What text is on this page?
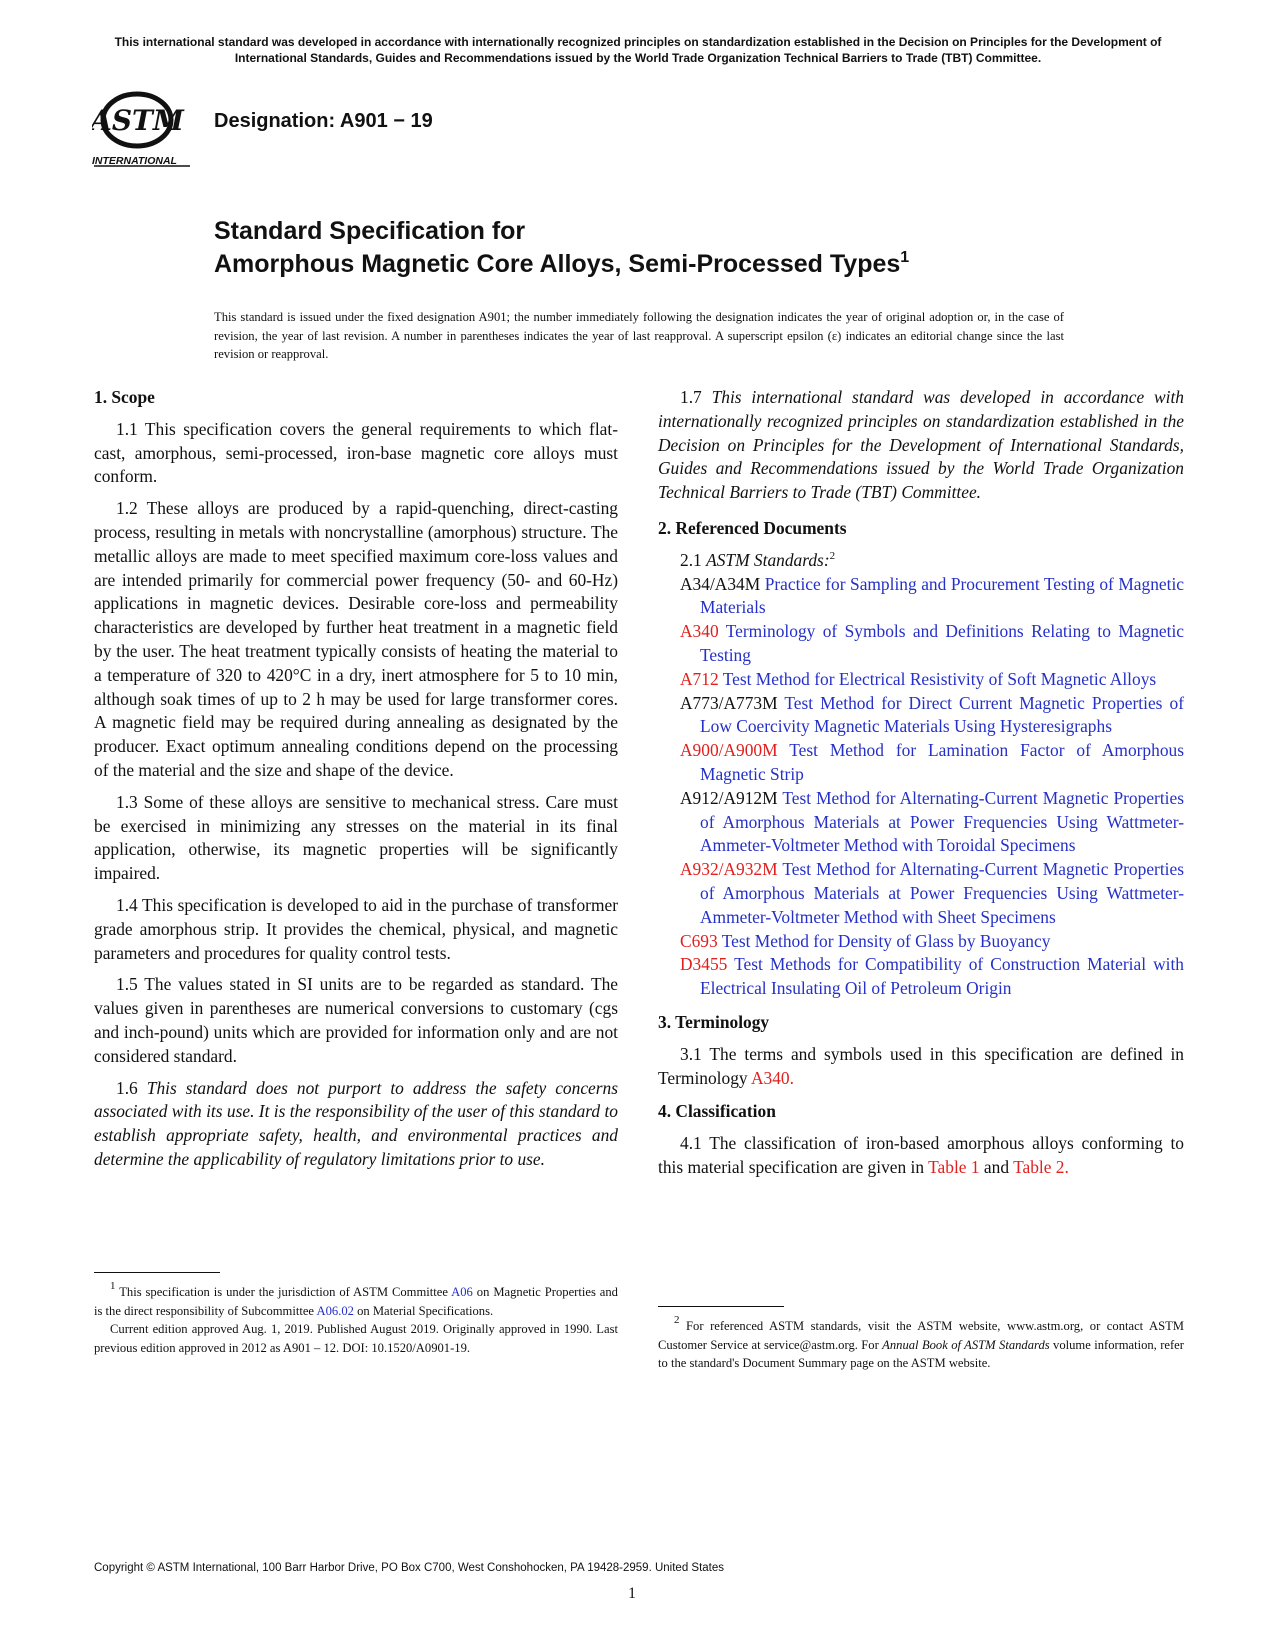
This international standard was developed in accordance with internationally recognized principles on standardization established in the Decision on Principles for the Development of International Standards, Guides and Recommendations issued by the World Trade Organization Technical Barriers to Trade (TBT) Committee.
ASTM
INTERNATIONAL
Designation: A901 − 19
Standard Specification for
Amorphous Magnetic Core Alloys, Semi-Processed Types$^1$
This standard is issued under the fixed designation A901; the number immediately following the designation indicates the year of original adoption or, in the case of revision, the year of last revision. A number in parentheses indicates the year of last reapproval. A superscript epsilon (ε) indicates an editorial change since the last revision or reapproval.
1. Scope

1.1 This specification covers the general requirements to which flat-cast, amorphous, semi-processed, iron-base magnetic core alloys must conform.

1.2 These alloys are produced by a rapid-quenching, direct-casting process, resulting in metals with noncrystalline (amorphous) structure. The metallic alloys are made to meet specified maximum core-loss values and are intended primarily for commercial power frequency (50- and 60-Hz) applications in magnetic devices. Desirable core-loss and permeability characteristics are developed by further heat treatment in a magnetic field by the user. The heat treatment typically consists of heating the material to a temperature of 320 to 420°C in a dry, inert atmosphere for 5 to 10 min, although soak times of up to 2 h may be used for large transformer cores. A magnetic field may be required during annealing as designated by the producer. Exact optimum annealing conditions depend on the processing of the material and the size and shape of the device.

1.3 Some of these alloys are sensitive to mechanical stress. Care must be exercised in minimizing any stresses on the material in its final application, otherwise, its magnetic properties will be significantly impaired.

1.4 This specification is developed to aid in the purchase of transformer grade amorphous strip. It provides the chemical, physical, and magnetic parameters and procedures for quality control tests.

1.5 The values stated in SI units are to be regarded as standard. The values given in parentheses are numerical conversions to customary (cgs and inch-pound) units which are provided for information only and are not considered standard.

1.6 This standard does not purport to address the safety concerns associated with its use. It is the responsibility of the user of this standard to establish appropriate safety, health, and environmental practices and determine the applicability of regulatory limitations prior to use.

$^1$ This specification is under the jurisdiction of ASTM Committee A06 on Magnetic Properties and is the direct responsibility of Subcommittee A06.02 on Material Specifications.

Current edition approved Aug. 1, 2019. Published August 2019. Originally approved in 1990. Last previous edition approved in 2012 as A901 – 12. DOI: 10.1520/A0901-19.

1.7 This international standard was developed in accordance with internationally recognized principles on standardization established in the Decision on Principles for the Development of International Standards, Guides and Recommendations issued by the World Trade Organization Technical Barriers to Trade (TBT) Committee.

2. Referenced Documents

2.1 ASTM Standards:$^2$

A34/A34M Practice for Sampling and Procurement Testing of Magnetic Materials
A340 Terminology of Symbols and Definitions Relating to Magnetic Testing
A712 Test Method for Electrical Resistivity of Soft Magnetic Alloys
A773/A773M Test Method for Direct Current Magnetic Properties of Low Coercivity Magnetic Materials Using Hysteresigraphs
A900/A900M Test Method for Lamination Factor of Amorphous Magnetic Strip
A912/A912M Test Method for Alternating-Current Magnetic Properties of Amorphous Materials at Power Frequencies Using Wattmeter-Ammeter-Voltmeter Method with Toroidal Specimens
A932/A932M Test Method for Alternating-Current Magnetic Properties of Amorphous Materials at Power Frequencies Using Wattmeter-Ammeter-Voltmeter Method with Sheet Specimens
C693 Test Method for Density of Glass by Buoyancy
D3455 Test Methods for Compatibility of Construction Material with Electrical Insulating Oil of Petroleum Origin
3. Terminology

3.1 The terms and symbols used in this specification are defined in Terminology A340.

4. Classification

4.1 The classification of iron-based amorphous alloys conforming to this material specification are given in Table 1 and Table 2.

$^2$ For referenced ASTM standards, visit the ASTM website, www.astm.org, or contact ASTM Customer Service at service@astm.org. For Annual Book of ASTM Standards volume information, refer to the standard's Document Summary page on the ASTM website.

Copyright © ASTM International, 100 Barr Harbor Drive, PO Box C700, West Conshohocken, PA 19428-2959. United States
1
